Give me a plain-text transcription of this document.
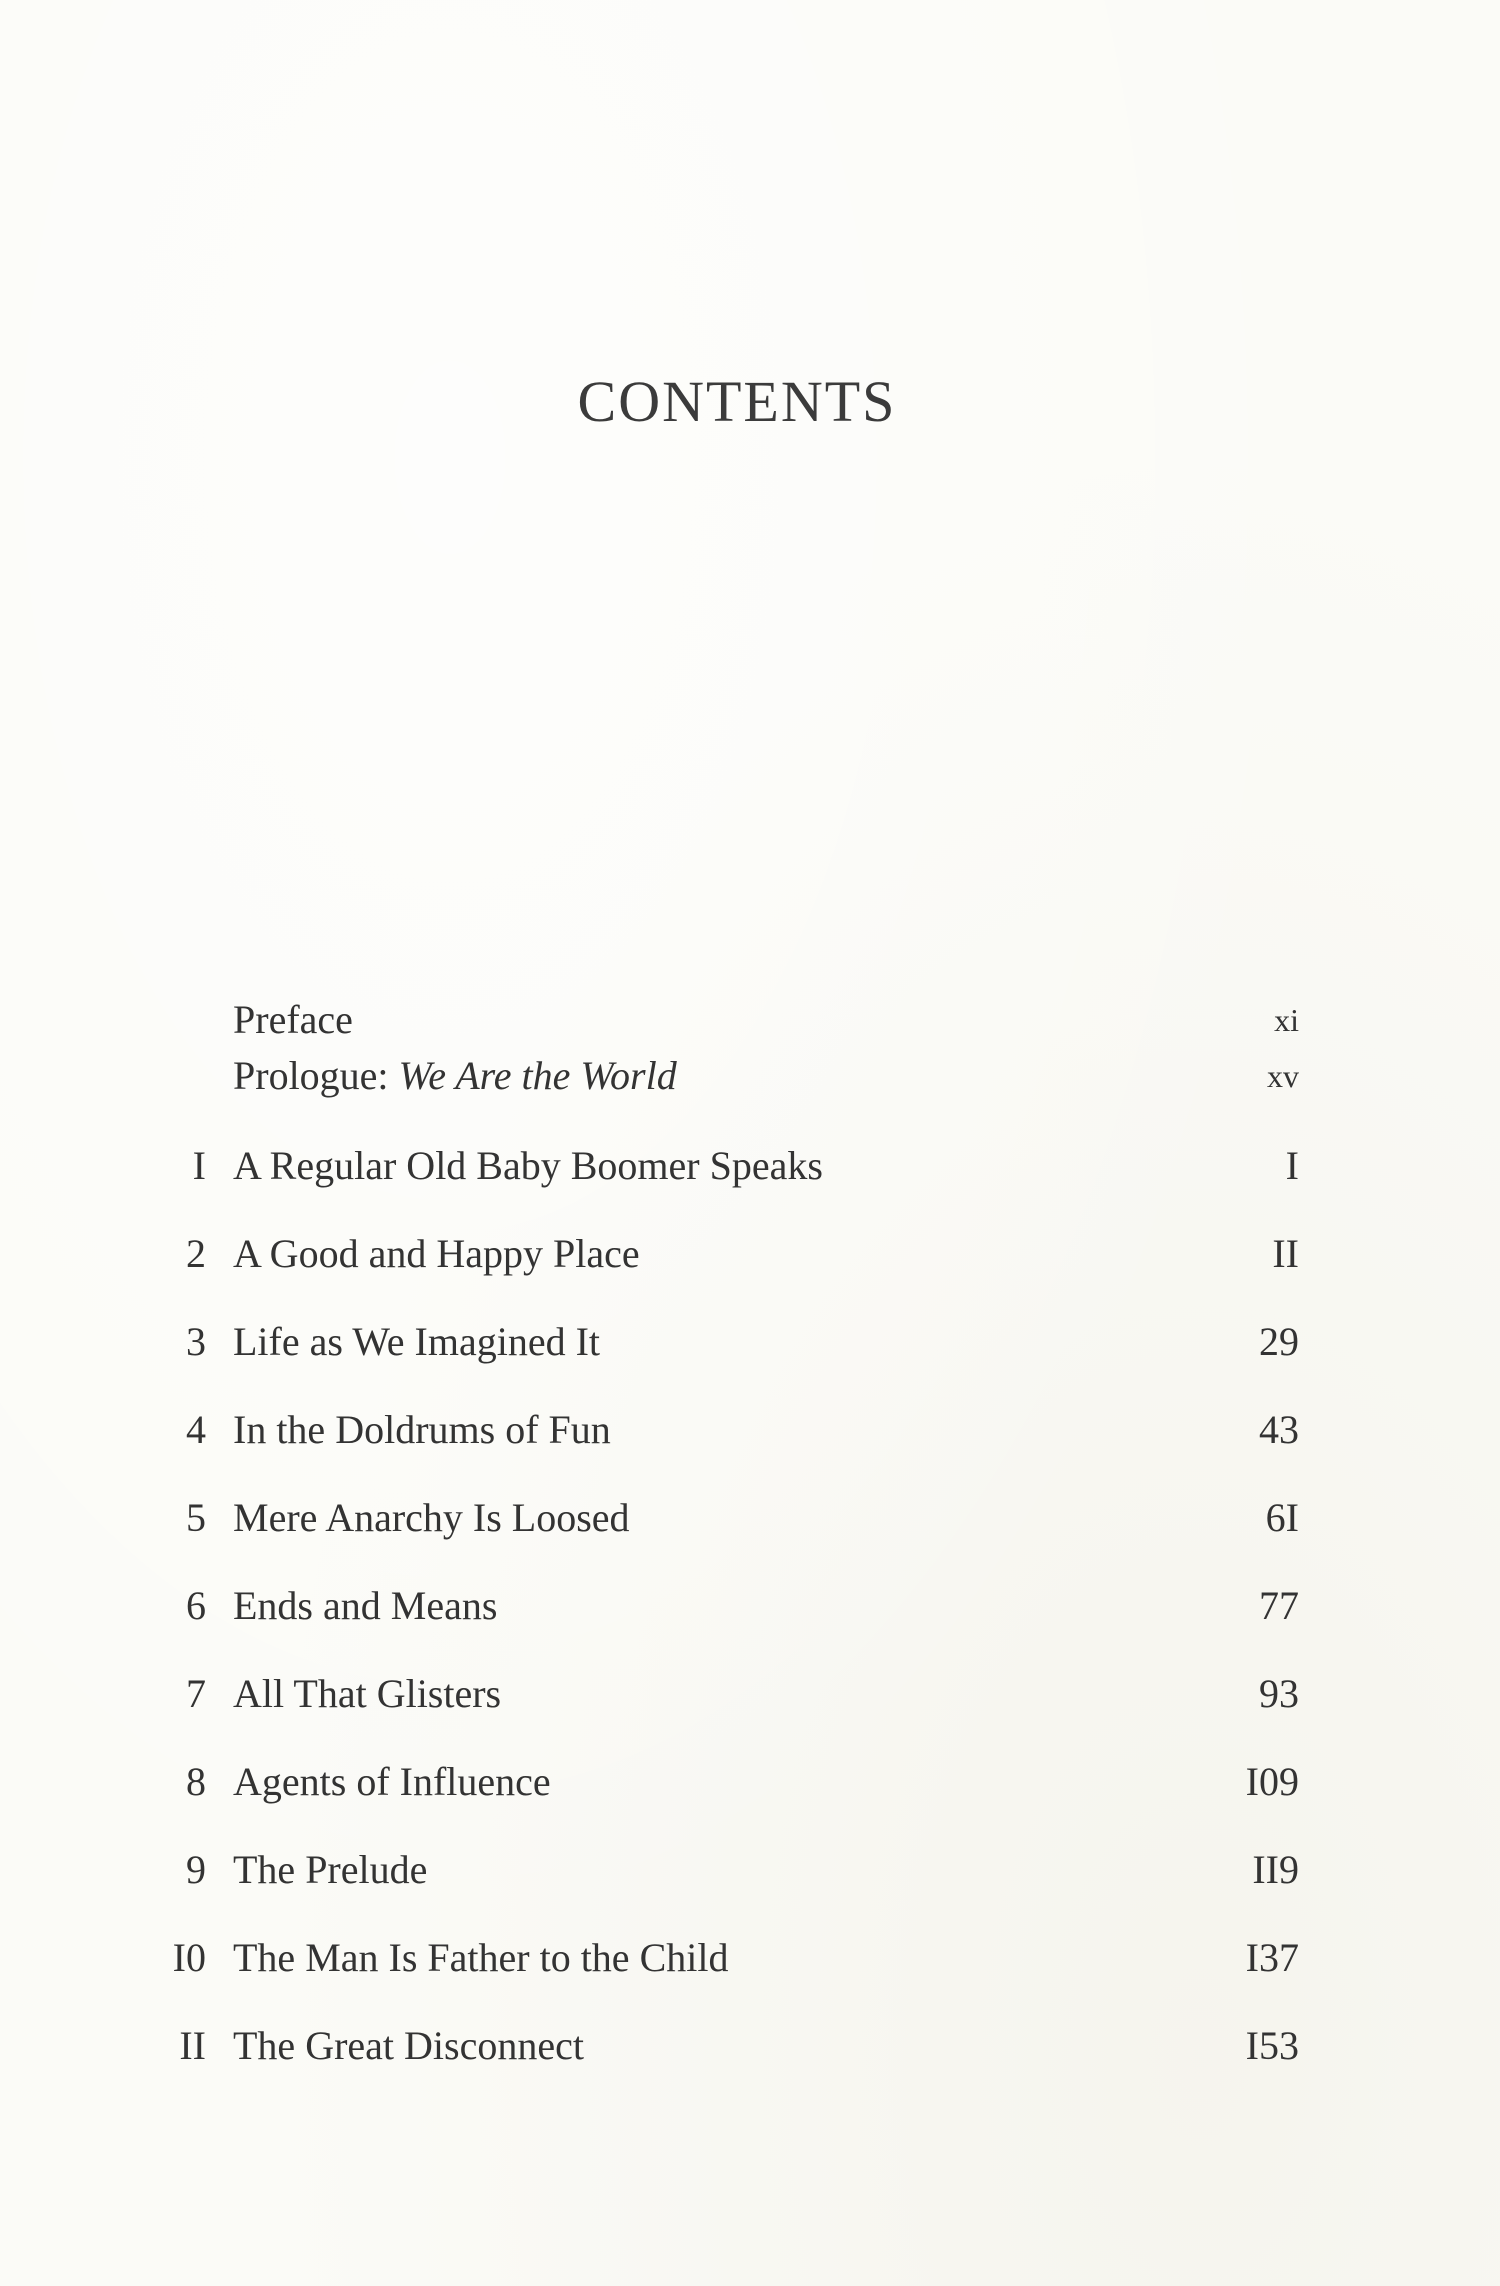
CONTENTS
Preface	xi
Prologue: We Are the World	xv
I A Regular Old Baby Boomer Speaks	I
2 A Good and Happy Place	II
3 Life as We Imagined It	29
4 In the Doldrums of Fun	43
5 Mere Anarchy Is Loosed	6I
6 Ends and Means	77
7 All That Glisters	93
8 Agents of Influence	I09
9 The Prelude	II9
I0 The Man Is Father to the Child	I37
II The Great Disconnect	I53
